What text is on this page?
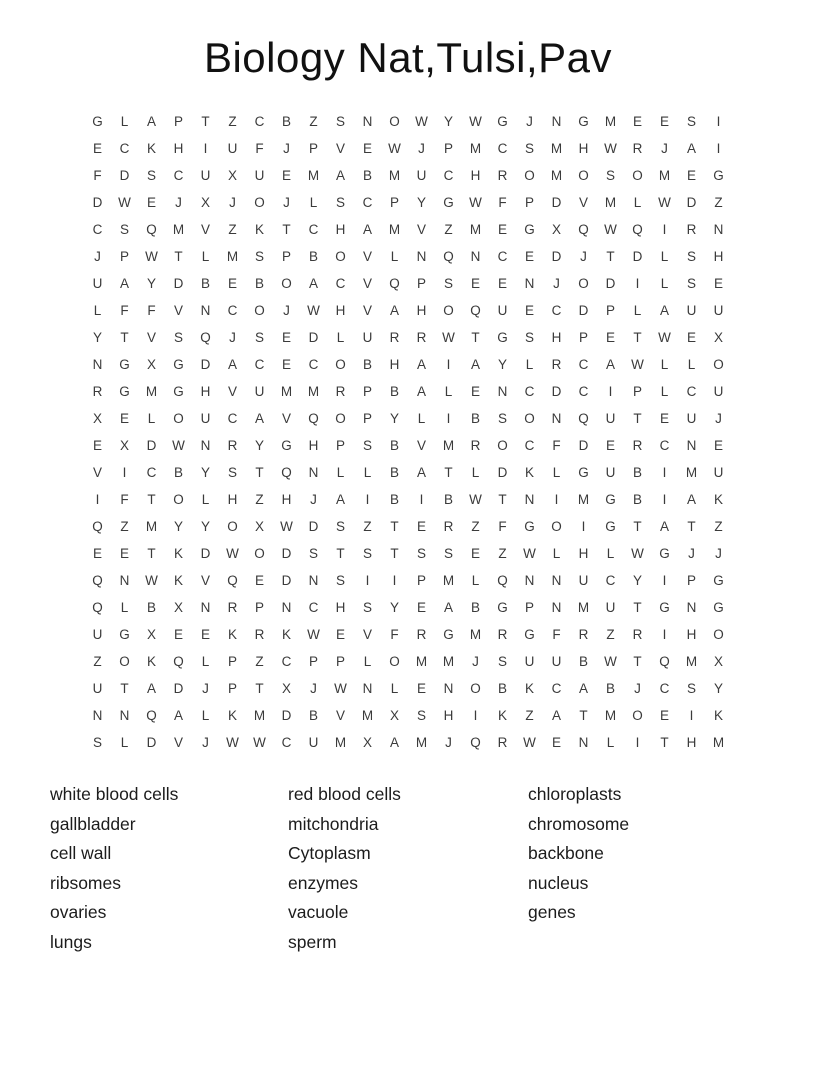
Biology Nat,Tulsi,Pav
G	L	A	P	T	Z	C	B	Z	S	N	O	W	Y	W	G	J	N	G	M	E	E	S	I
E	C	K	H	I	U	F	J	P	V	E	W	J	P	M	C	S	M	H	W	R	J	A	I
F	D	S	C	U	X	U	E	M	A	B	M	U	C	H	R	O	M	O	S	O	M	E	G
D	W	E	J	X	J	O	J	L	S	C	P	Y	G	W	F	P	D	V	M	L	W	D	Z
C	S	Q	M	V	Z	K	T	C	H	A	M	V	Z	M	E	G	X	Q	W	Q	I	R	N
J	P	W	T	L	M	S	P	B	O	V	L	N	Q	N	C	E	D	J	T	D	L	S	H
U	A	Y	D	B	E	B	O	A	C	V	Q	P	S	E	E	N	J	O	D	I	L	S	E
L	F	F	V	N	C	O	J	W	H	V	A	H	O	Q	U	E	C	D	P	L	A	U	U
Y	T	V	S	Q	J	S	E	D	L	U	R	R	W	T	G	S	H	P	E	T	W	E	X
N	G	X	G	D	A	C	E	C	O	B	H	A	I	A	Y	L	R	C	A	W	L	L	O
R	G	M	G	H	V	U	M	M	R	P	B	A	L	E	N	C	D	C	I	P	L	C	U
X	E	L	O	U	C	A	V	Q	O	P	Y	L	I	B	S	O	N	Q	U	T	E	U	J
E	X	D	W	N	R	Y	G	H	P	S	B	V	M	R	O	C	F	D	E	R	C	N	E
V	I	C	B	Y	S	T	Q	N	L	L	B	A	T	L	D	K	L	G	U	B	I	M	U
I	F	T	O	L	H	Z	H	J	A	I	B	I	B	W	T	N	I	M	G	B	I	A	K
Q	Z	M	Y	Y	O	X	W	D	S	Z	T	E	R	Z	F	G	O	I	G	T	A	T	Z
E	E	T	K	D	W	O	D	S	T	S	T	S	S	E	Z	W	L	H	L	W	G	J	J
Q	N	W	K	V	Q	E	D	N	S	I	I	P	M	L	Q	N	N	U	C	Y	I	P	G
Q	L	B	X	N	R	P	N	C	H	S	Y	E	A	B	G	P	N	M	U	T	G	N	G
U	G	X	E	E	K	R	K	W	E	V	F	R	G	M	R	G	F	R	Z	R	I	H	O
Z	O	K	Q	L	P	Z	C	P	P	L	O	M	M	J	S	U	U	B	W	T	Q	M	X
U	T	A	D	J	P	T	X	J	W	N	L	E	N	O	B	K	C	A	B	J	C	S	Y
N	N	Q	A	L	K	M	D	B	V	M	X	S	H	I	K	Z	A	T	M	O	E	I	K
S	L	D	V	J	W	W	C	U	M	X	A	M	J	Q	R	W	E	N	L	I	T	H	M
white blood cells
gallbladder
cell wall
ribsomes
ovaries
lungs
red blood cells
mitchondria
Cytoplasm
enzymes
vacuole
sperm
chloroplasts
chromosome
backbone
nucleus
genes
